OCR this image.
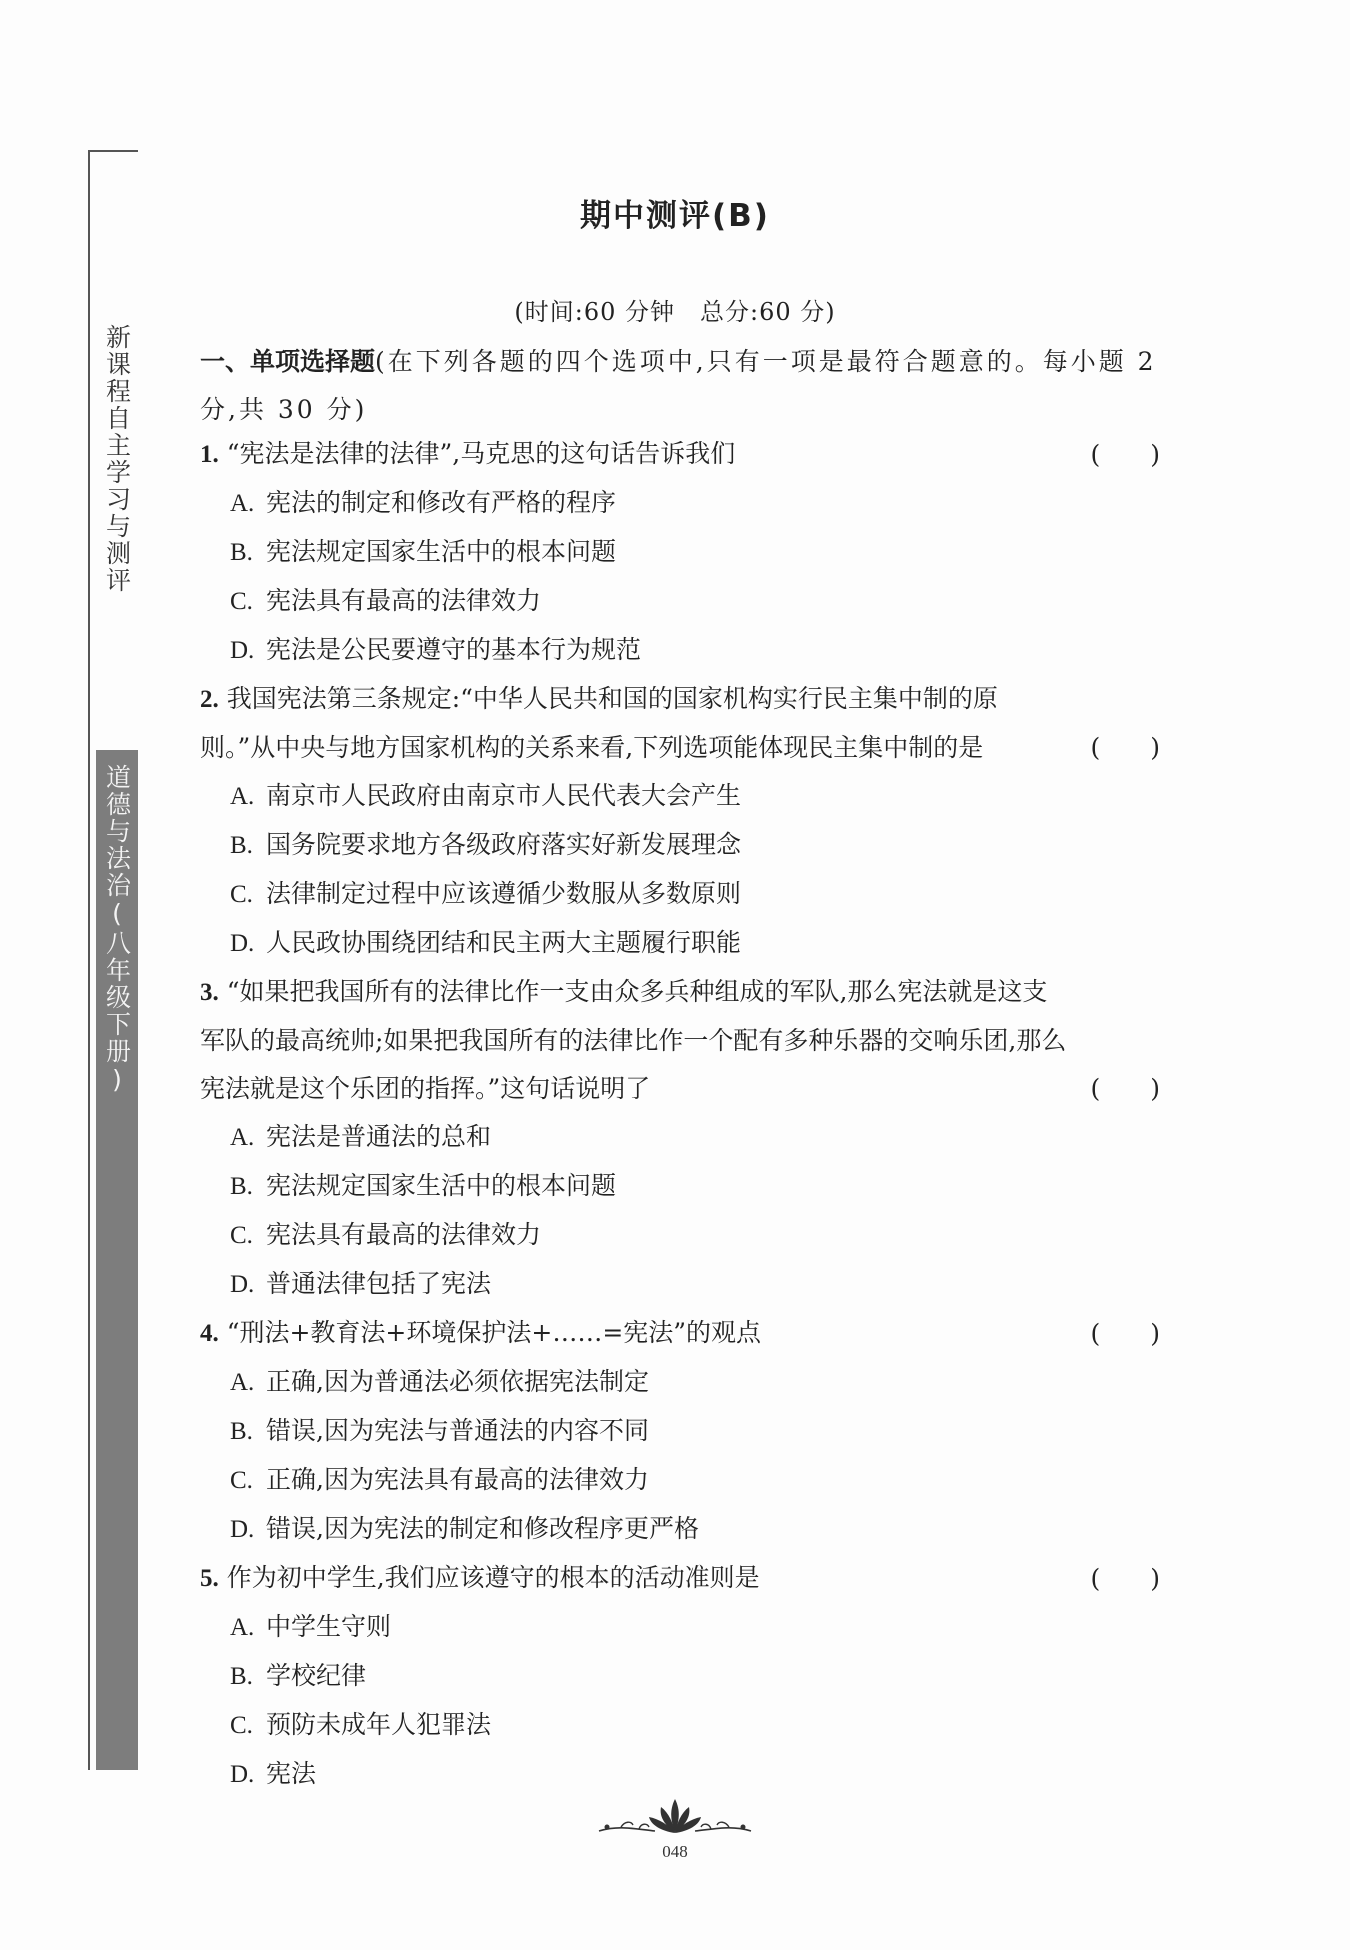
新课程自主学习与测评
道德与法治(八年级下册)
期中测评(B)
(时间:60 分钟　总分:60 分)
一、单项选择题(在下列各题的四个选项中,只有一项是最符合题意的。每小题 2 分,共 30 分)
1. “宪法是法律的法律”,马克思的这句话告诉我们	(　　)
A. 宪法的制定和修改有严格的程序
B. 宪法规定国家生活中的根本问题
C. 宪法具有最高的法律效力
D. 宪法是公民要遵守的基本行为规范
2. 我国宪法第三条规定:“中华人民共和国的国家机构实行民主集中制的原则。”从中央与地方国家机构的关系来看,下列选项能体现民主集中制的是	(　　)
A. 南京市人民政府由南京市人民代表大会产生
B. 国务院要求地方各级政府落实好新发展理念
C. 法律制定过程中应该遵循少数服从多数原则
D. 人民政协围绕团结和民主两大主题履行职能
3. “如果把我国所有的法律比作一支由众多兵种组成的军队,那么宪法就是这支军队的最高统帅;如果把我国所有的法律比作一个配有多种乐器的交响乐团,那么宪法就是这个乐团的指挥。”这句话说明了	(　　)
A. 宪法是普通法的总和
B. 宪法规定国家生活中的根本问题
C. 宪法具有最高的法律效力
D. 普通法律包括了宪法
4. “刑法+教育法+环境保护法+……=宪法”的观点	(　　)
A. 正确,因为普通法必须依据宪法制定
B. 错误,因为宪法与普通法的内容不同
C. 正确,因为宪法具有最高的法律效力
D. 错误,因为宪法的制定和修改程序更严格
5. 作为初中学生,我们应该遵守的根本的活动准则是	(　　)
A. 中学生守则
B. 学校纪律
C. 预防未成年人犯罪法
D. 宪法
048
